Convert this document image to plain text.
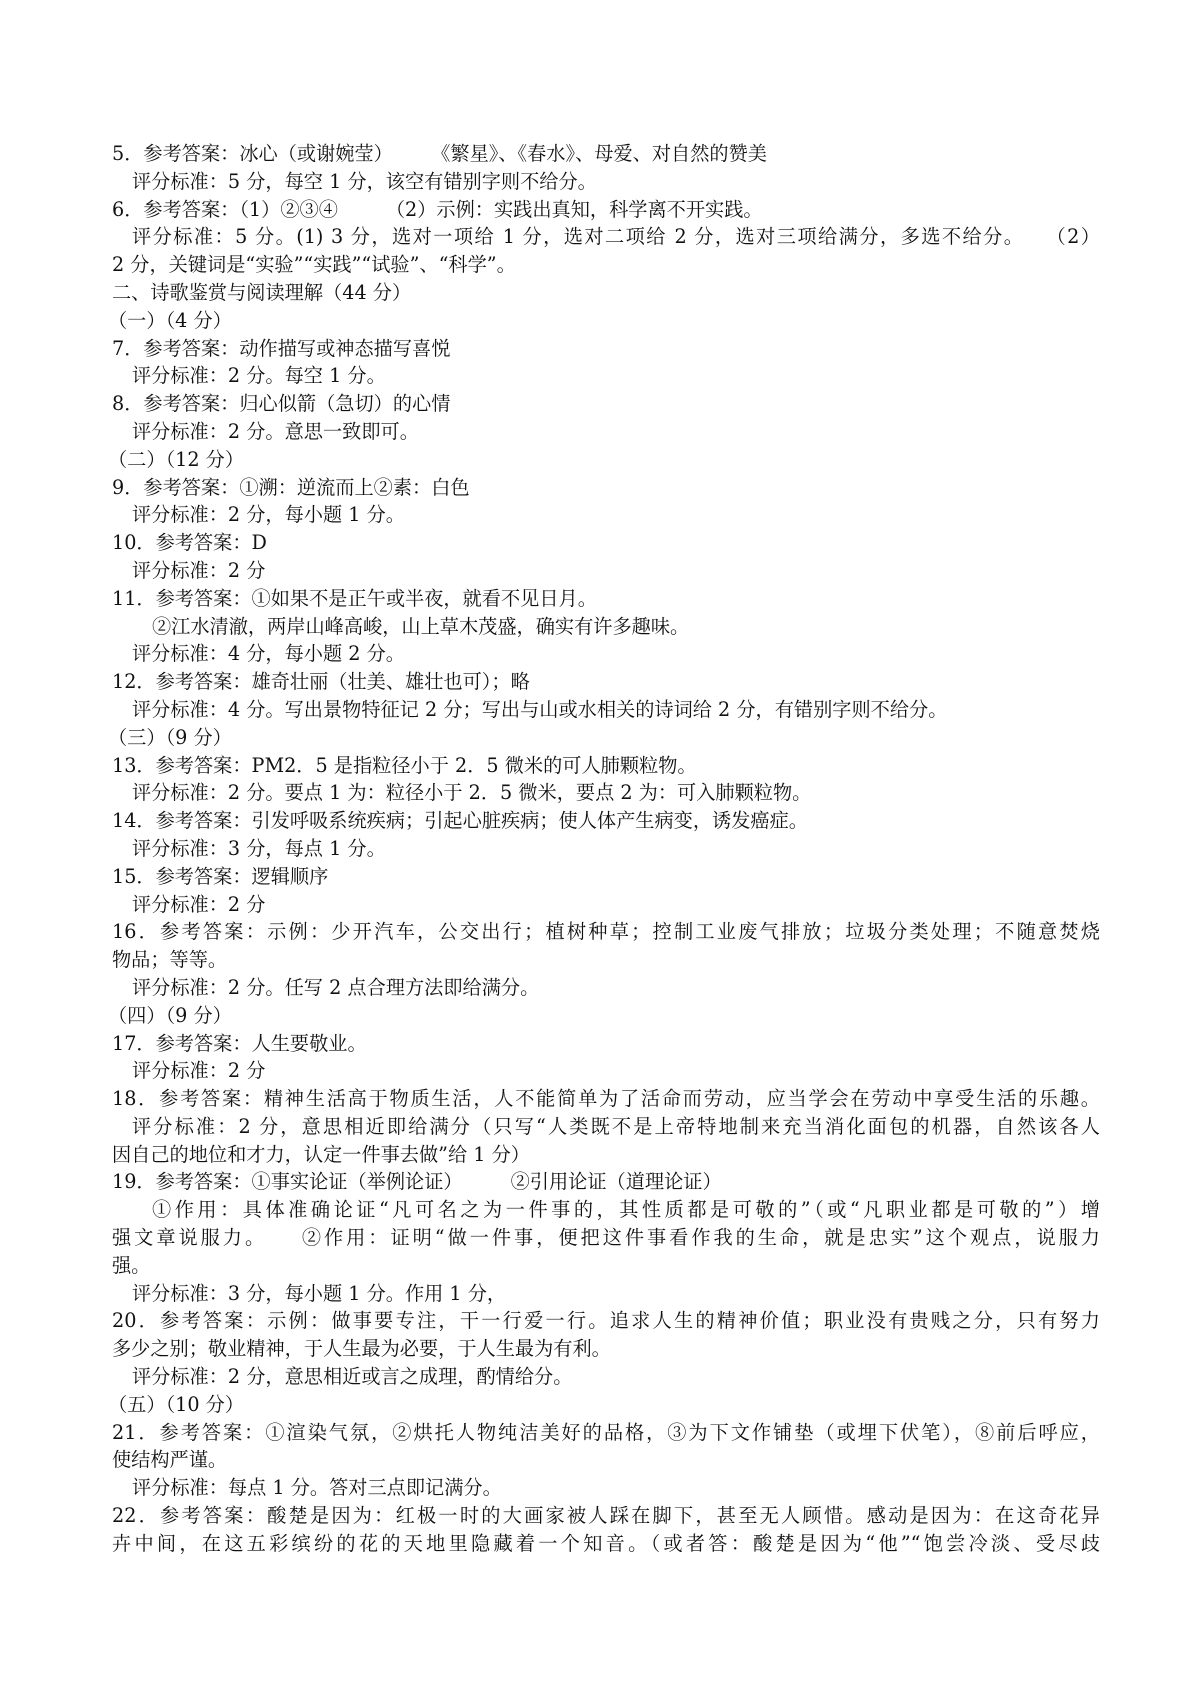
5．参考答案：冰心（或谢婉莹）　　　《繁星》、《春水》、母爱、对自然的赞美

评分标准：5 分，每空 1 分，该空有错别字则不给分。

6．参考答案：（1）②③④　　　（2）示例：实践出真知，科学离不开实践。

评分标准：5 分。(1) 3 分，选对一项给 1 分，选对二项给 2 分，选对三项给满分，多选不给分。　　（2）

2 分，关键词是“实验”“实践”“试验”、“科学”。

二、诗歌鉴赏与阅读理解（44 分）

（一）（4 分）

7．参考答案：动作描写或神态描写喜悦

评分标准：2 分。每空 1 分。

8．参考答案：归心似箭（急切）的心情

评分标准：2 分。意思一致即可。

（二）（12 分）

9．参考答案：①溯：逆流而上②素：白色

评分标准：2 分，每小题 1 分。

10．参考答案：D

评分标准：2 分

11．参考答案：①如果不是正午或半夜，就看不见日月。

②江水清澈，两岸山峰高峻，山上草木茂盛，确实有许多趣味。

评分标准：4 分，每小题 2 分。

12．参考答案：雄奇壮丽（壮美、雄壮也可）；略

评分标准：4 分。写出景物特征记 2 分；写出与山或水相关的诗词给 2 分，有错别字则不给分。

（三）（9 分）

13．参考答案：PM2．5 是指粒径小于 2．5 微米的可人肺颗粒物。

评分标准：2 分。要点 1 为：粒径小于 2．5 微米，要点 2 为：可入肺颗粒物。

14．参考答案：引发呼吸系统疾病；引起心脏疾病；使人体产生病变，诱发癌症。

评分标准：3 分，每点 1 分。

15．参考答案：逻辑顺序

评分标准：2 分

16．参考答案：示例：少开汽车，公交出行；植树种草；控制工业废气排放；垃圾分类处理；不随意焚烧

物品；等等。

评分标准：2 分。任写 2 点合理方法即给满分。

（四）（9 分）

17．参考答案：人生要敬业。

评分标准：2 分

18．参考答案：精神生活高于物质生活，人不能简单为了活命而劳动，应当学会在劳动中享受生活的乐趣。

评分标准：2 分，意思相近即给满分（只写“人类既不是上帝特地制来充当消化面包的机器，自然该各人

因自己的地位和才力，认定一件事去做”给 1 分）

19．参考答案：①事实论证（举例论证）　　　②引用论证（道理论证）

①作用：具体准确论证“凡可名之为一件事的，其性质都是可敬的”（或“凡职业都是可敬的”）增

强文章说服力。　　②作用：证明“做一件事，便把这件事看作我的生命，就是忠实”这个观点，说服力

强。

评分标准：3 分，每小题 1 分。作用 1 分，

20．参考答案：示例：做事要专注，干一行爱一行。追求人生的精神价值；职业没有贵贱之分，只有努力

多少之别；敬业精神，于人生最为必要，于人生最为有利。

评分标准：2 分，意思相近或言之成理，酌情给分。

（五）（10 分）

21．参考答案：①渲染气氛，②烘托人物纯洁美好的品格，③为下文作铺垫（或埋下伏笔），⑧前后呼应，

使结构严谨。

评分标准：每点 1 分。答对三点即记满分。

22．参考答案：酸楚是因为：红极一时的大画家被人踩在脚下，甚至无人顾惜。感动是因为：在这奇花异

卉中间，在这五彩缤纷的花的天地里隐藏着一个知音。（或者答：酸楚是因为“他”“饱尝冷淡、受尽歧
